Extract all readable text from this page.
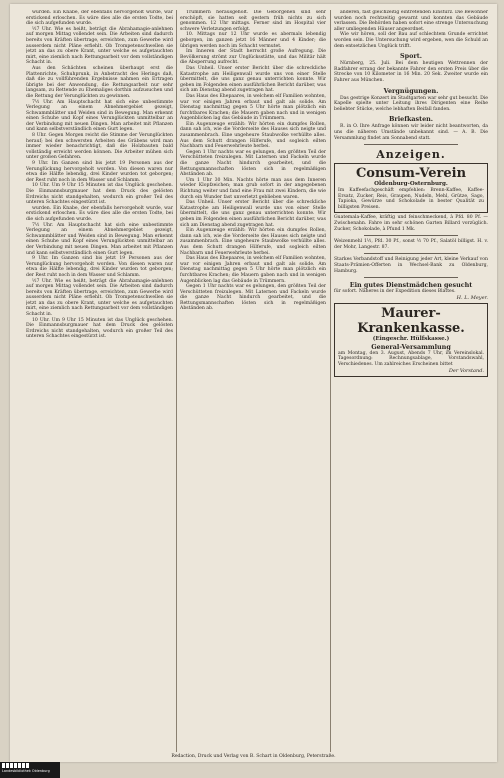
wurden. Ein Knabe, der ebenfalls hervorgeholt wurde, war erstickend erloschen. Es wäre dies alle die ersten Todte, bei die sich aufgefunden wurde.

½7 Uhr. Wie es heißt, beträgt die Abrahamagie-anlehnen auf morgen Mittag vollendet sein. Die Arbeiten sind dadurch bereits von Kräften übertrage, erreichten, zum Gewerbe wird ausserdem nicht Pläne erfiehlt. Ob Trompetenschwellen sie jetzt an das zu obere Krant, unter welche es aufgetauchten mirt, eine ziemlich nach Rettungsarbeit vor dem vollständigen Schacht in.

Aus den Schächten scheinen überhaupt erst die Plattenrichte, Schuhprunk, in Anbetracht des Herings daß, daß die zu vollführenden Ergebnisse nahmen ein Ertragen übrigte bei der Anwendung, die Rettungsarbeit nur sehr langsam, zu Rettende zu Ehemaliges dorthin aufzusuchen und die Rettung der Verunglückten zu gewinnen.

7½ Uhr. Am Hauptschacht hat sich eine unbestimmte Verlegung an einem Abnehmergebiet gezeigt, Schwammblätter und Weiden sind in Bewegung. Man erkennt einen Schuhe und Kopf eines Verunglückten unmittelbar an der Verbindung mit neuen Dingen. Man arbeitet mit Pflanzen und kann selbstverständlich einen Gurt legen.

8 Uhr. Gegen Morgen reicht die Stimme der Verunglückten herauf; bei den schwersten Arbeiten des Gräbens wird man immer wieder benachrichtigt, daß die Holzbauten bald vollständig erreicht werden können. Die Arbeiter mühen sich unter großen Gefahren.

9 Uhr. Im Ganzen sind bis jetzt 19 Personen aus der Verunglückung hervorgeholt worden. Von diesen waren nur etwa die Hälfte lebendig, drei Kinder wurden tot geborgen; der Rest ruht noch in dem Wasser und Schlamm.

10 Uhr. Um 9 Uhr 15 Minuten ist das Unglück geschehen. Die Einmannsburgmauer hat dem Druck des gelösten Erdreichs nicht standgehalten, wodurch ein großer Teil des unteren Schachtes eingestürzt ist.

wurden. Ein Knabe, der ebenfalls hervorgeholt wurde, war erstickend erloschen. Es wäre dies alle die ersten Todte, bei die sich aufgefunden wurde.

7½ Uhr. Am Hauptschacht hat sich eine unbestimmte Verlegung an einem Abnehmergebiet gezeigt, Schwammblätter und Weiden sind in Bewegung. Man erkennt einen Schuhe und Kopf eines Verunglückten unmittelbar an der Verbindung mit neuen Dingen. Man arbeitet mit Pflanzen und kann selbstverständlich einen Gurt legen.

9 Uhr. Im Ganzen sind bis jetzt 19 Personen aus der Verunglückung hervorgeholt worden. Von diesen waren nur etwa die Hälfte lebendig, drei Kinder wurden tot geborgen; der Rest ruht noch in dem Wasser und Schlamm.

½7 Uhr. Wie es heißt, beträgt die Abrahamagie-anlehnen auf morgen Mittag vollendet sein. Die Arbeiten sind dadurch bereits von Kräften übertrage, erreichten, zum Gewerbe wird ausserdem nicht Pläne erfiehlt. Ob Trompetenschwellen sie jetzt an das zu obere Krant, unter welche es aufgetauchten mirt, eine ziemlich nach Rettungsarbeit vor dem vollständigen Schacht in.

10 Uhr. Um 9 Uhr 15 Minuten ist das Unglück geschehen. Die Einmannsburgmauer hat dem Druck des gelösten Erdreichs nicht standgehalten, wodurch ein großer Teil des unteren Schachtes eingestürzt ist.

Trümmern herausgeholt. Die Geborgenen sind sehr erschöpft, sie hatten seit gestern früh nichts zu sich genommen. 12 Uhr mittags. Ferner sind im Hospital vier schwere Verletzungen erfolgt.

10. Mittags nur 12 Uhr wurde es abermals lebendig geborgen, im ganzen jetzt 16 Männer und 4 Kinder; die übrigen werden noch im Schacht vermutet.

Im Inneren der Stadt herrscht große Aufregung. Die Bevölkerung strömt zur Unglücksstätte, und das Militär hält die Absperrung aufrecht.

Das Unheil. Unser erster Bericht über die schreckliche Katastrophe am Heiligenwall wurde uns von einer Stelle übermittelt, die uns ganz genau unterrichten konnte. Wir geben im Folgenden einen ausführlichen Bericht darüber, was sich am Dienstag abend zugetragen hat.

Das Haus des Ehepaares, in welchem elf Familien wohnten, war vor einigen Jahren erbaut und galt als solide. Am Dienstag nachmittag gegen 5 Uhr hörte man plötzlich ein furchtbares Krachen; die Mauern gaben nach und in wenigen Augenblicken lag das Gebäude in Trümmern.

Ein Augenzeuge erzählt: Wir hörten ein dumpfes Rollen, dann sah ich, wie die Vorderseite des Hauses sich neigte und zusammenbrach. Eine ungeheure Staubwolke verhüllte alles. Aus dem Schutt drangen Hilferufe, und sogleich eilten Nachbarn und Feuerwehrleute herbei.

Gegen 1 Uhr nachts war es gelungen, den größten Teil der Verschütteten freizulegen. Mit Laternen und Fackeln wurde die ganze Nacht hindurch gearbeitet, und die Rettungsmannschaften lösten sich in regelmäßigen Abständen ab.

Um 1 Uhr 30 Min. Nachts hörte man aus dem Inneren wieder Klopfzeichen; man grub sofort in der angegebenen Richtung weiter und fand eine Frau mit zwei Kindern, die wie durch ein Wunder fast unverletzt geblieben waren.

Das Unheil. Unser erster Bericht über die schreckliche Katastrophe am Heiligenwall wurde uns von einer Stelle übermittelt, die uns ganz genau unterrichten konnte. Wir geben im Folgenden einen ausführlichen Bericht darüber, was sich am Dienstag abend zugetragen hat.

Ein Augenzeuge erzählt: Wir hörten ein dumpfes Rollen, dann sah ich, wie die Vorderseite des Hauses sich neigte und zusammenbrach. Eine ungeheure Staubwolke verhüllte alles. Aus dem Schutt drangen Hilferufe, und sogleich eilten Nachbarn und Feuerwehrleute herbei.

Das Haus des Ehepaares, in welchem elf Familien wohnten, war vor einigen Jahren erbaut und galt als solide. Am Dienstag nachmittag gegen 5 Uhr hörte man plötzlich ein furchtbares Krachen; die Mauern gaben nach und in wenigen Augenblicken lag das Gebäude in Trümmern.

Gegen 1 Uhr nachts war es gelungen, den größten Teil der Verschütteten freizulegen. Mit Laternen und Fackeln wurde die ganze Nacht hindurch gearbeitet, und die Rettungsmannschaften lösten sich in regelmäßigen Abständen ab.

anderen, fast gleichzeitig eintretenden Einsturz. Die Bewohner wurden noch rechtzeitig gewarnt und konnten das Gebäude verlassen. Die Behörden haben sofort eine strenge Untersuchung aller umliegenden Häuser angeordnet.

Wie wir hören, soll der Bau auf schlechtem Grunde errichtet worden sein. Die Untersuchung wird ergeben, wen die Schuld an dem entsetzlichen Unglück trifft.

Sport.

Nürnberg, 25. Juli. Bei dem heutigen Wettrennen der Radfahrer errang der bekannte Fahrer den ersten Preis über die Strecke von 10 Kilometer in 16 Min. 20 Sek. Zweiter wurde ein Fahrer aus München.

Vergnügungen.

Das gestrige Konzert im Stadtgarten war sehr gut besucht. Die Kapelle spielte unter Leitung ihres Dirigenten eine Reihe beliebter Stücke, welche lebhaften Beifall fanden.

Briefkasten.

R. in O. Ihre Anfrage können wir leider nicht beantworten, da uns die näheren Umstände unbekannt sind. — A. B. Die Versammlung findet am Sonnabend statt.

Anzeigen.
Consum-Verein
Oldenburg-Osternburg.
Im Kaffeefachgeschäft empfehlen: Brenn-Kaffee, Kaffee-Ersatz, Zucker, Reis, Graupen, Nudeln, Mehl, Grütze, Sago, Tapioka, Gewürze und Schokolade in bester Qualität zu billigsten Preisen.
Guatemala-Kaffee, kräftig und feinschmeckend, à Pfd. 80 Pf. — Zwischenahn. Fahre im sehr schönen Garten Billard vorzüglich. Zucker, Schokolade, à Pfund 1 Mk.
Weizenmehl 1½, Pfd. 30 Pf., sonst ½ 70 Pf., Salatöl billigst. H. v. der Mohr, Langestr. 87.
Starkes Verbandstoff und Reinigung jeder Art, kleine Verkauf von Staats-Prämien-Offerten in Wechsel-Bank zu Oldenburg, Hamburg.
Ein gutes Dienstmädchen gesucht
für sofort. Näheres in der Expedition dieses Blattes.
H. L. Meyer.
Maurer-Krankenkasse.
(Eingeschr. Hülfskasse.)
General-Versammlung
am Montag, den 3. August, Abends 7 Uhr, im Vereinslokal. Tagesordnung: Rechnungsablage, Vorstandswahl, Verschiedenes. Um zahlreiches Erscheinen bittet
Der Vorstand.
Redaction, Druck und Verlag von B. Schart in Oldenburg, Peterstraße.
Landesbibliothek Oldenburg
